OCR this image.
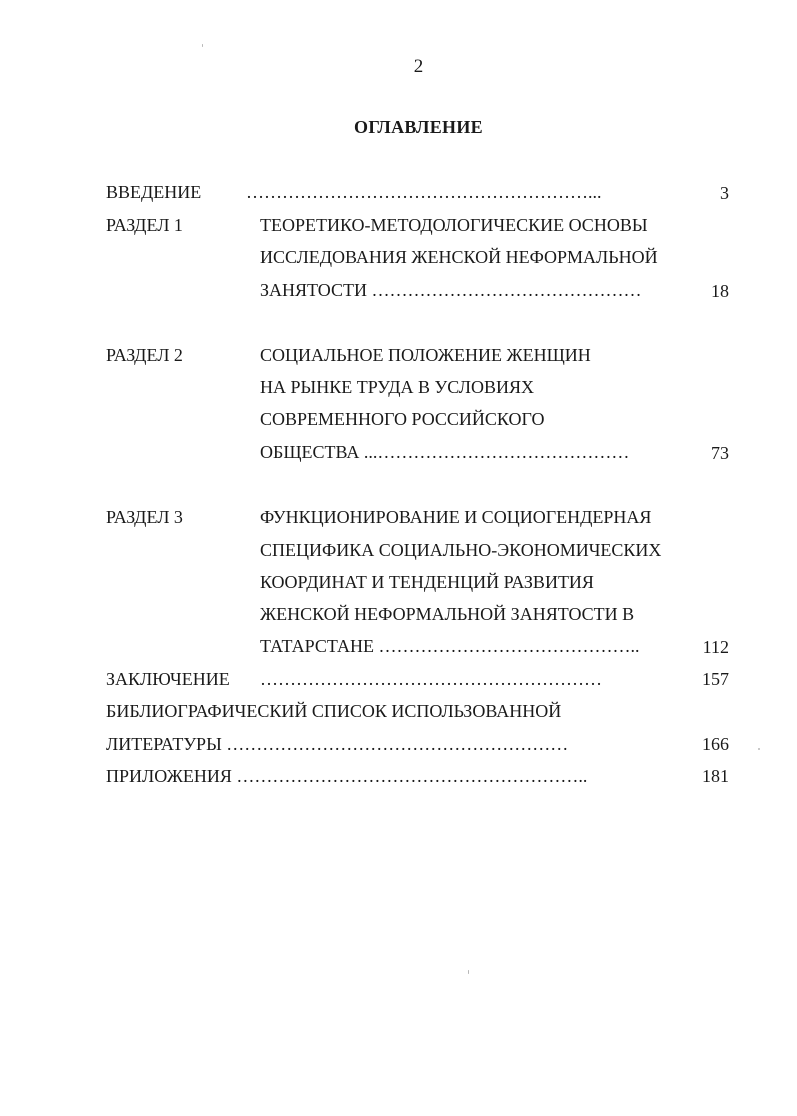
2
ОГЛАВЛЕНИЕ
ВВЕДЕНИЕ …………………………………………………...	3
РАЗДЕЛ 1	ТЕОРЕТИКО-МЕТОДОЛОГИЧЕСКИЕ ОСНОВЫ
ИССЛЕДОВАНИЯ ЖЕНСКОЙ НЕФОРМАЛЬНОЙ
ЗАНЯТОСТИ ………………………………………	18
РАЗДЕЛ 2	СОЦИАЛЬНОЕ ПОЛОЖЕНИЕ ЖЕНЩИН
НА РЫНКЕ ТРУДА В УСЛОВИЯХ
СОВРЕМЕННОГО РОССИЙСКОГО
ОБЩЕСТВА ...……………………………………	73
РАЗДЕЛ 3	ФУНКЦИОНИРОВАНИЕ И СОЦИОГЕНДЕРНАЯ
СПЕЦИФИКА СОЦИАЛЬНО-ЭКОНОМИЧЕСКИХ
КООРДИНАТ И ТЕНДЕНЦИЙ РАЗВИТИЯ
ЖЕНСКОЙ НЕФОРМАЛЬНОЙ ЗАНЯТОСТИ В
ТАТАРСТАНЕ ……………………………………..	112
ЗАКЛЮЧЕНИЕ …………………………………………………	157
БИБЛИОГРАФИЧЕСКИЙ СПИСОК ИСПОЛЬЗОВАННОЙ
ЛИТЕРАТУРЫ …………………………………………………	166
ПРИЛОЖЕНИЯ …………………………………………………..	181
